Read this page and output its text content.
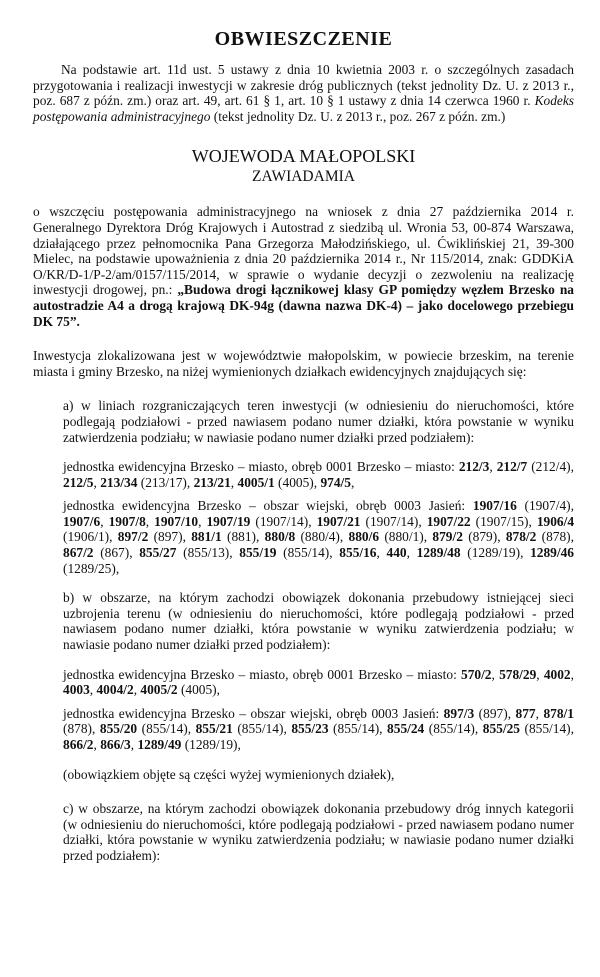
OBWIESZCZENIE

Na podstawie art. 11d ust. 5 ustawy z dnia 10 kwietnia 2003 r. o szczególnych zasadach przygotowania i realizacji inwestycji w zakresie dróg publicznych (tekst jednolity Dz. U. z 2013 r., poz. 687 z późn. zm.) oraz art. 49, art. 61 § 1, art. 10 § 1 ustawy z dnia 14 czerwca 1960 r. Kodeks postępowania administracyjnego (tekst jednolity Dz. U. z 2013 r., poz. 267 z późn. zm.)

WOJEWODA MAŁOPOLSKI
ZAWIADAMIA

o wszczęciu postępowania administracyjnego na wniosek z dnia 27 października 2014 r. Generalnego Dyrektora Dróg Krajowych i Autostrad z siedzibą ul. Wronia 53, 00-874 Warszawa, działającego przez pełnomocnika Pana Grzegorza Małodzińskiego, ul. Ćwiklińskiej 21, 39-300 Mielec, na podstawie upoważnienia z dnia 20 października 2014 r., Nr 115/2014, znak: GDDKiA O/KR/D-1/P-2/am/0157/115/2014, w sprawie o wydanie decyzji o zezwoleniu na realizację inwestycji drogowej, pn.: „Budowa drogi łącznikowej klasy GP pomiędzy węzłem Brzesko na autostradzie A4 a drogą krajową DK-94g (dawna nazwa DK-4) – jako docelowego przebiegu DK 75”.

Inwestycja zlokalizowana jest w województwie małopolskim, w powiecie brzeskim, na terenie miasta i gminy Brzesko, na niżej wymienionych działkach ewidencyjnych znajdujących się:

a) w liniach rozgraniczających teren inwestycji (w odniesieniu do nieruchomości, które podlegają podziałowi - przed nawiasem podano numer działki, która powstanie w wyniku zatwierdzenia podziału; w nawiasie podano numer działki przed podziałem):

jednostka ewidencyjna Brzesko – miasto, obręb 0001 Brzesko – miasto: 212/3, 212/7 (212/4), 212/5, 213/34 (213/17), 213/21, 4005/1 (4005), 974/5,

jednostka ewidencyjna Brzesko – obszar wiejski, obręb 0003 Jasień: 1907/16 (1907/4), 1907/6, 1907/8, 1907/10, 1907/19 (1907/14), 1907/21 (1907/14), 1907/22 (1907/15), 1906/4 (1906/1), 897/2 (897), 881/1 (881), 880/8 (880/4), 880/6 (880/1), 879/2 (879), 878/2 (878), 867/2 (867), 855/27 (855/13), 855/19 (855/14), 855/16, 440, 1289/48 (1289/19), 1289/46 (1289/25),

b) w obszarze, na którym zachodzi obowiązek dokonania przebudowy istniejącej sieci uzbrojenia terenu (w odniesieniu do nieruchomości, które podlegają podziałowi - przed nawiasem podano numer działki, która powstanie w wyniku zatwierdzenia podziału; w nawiasie podano numer działki przed podziałem):

jednostka ewidencyjna Brzesko – miasto, obręb 0001 Brzesko – miasto: 570/2, 578/29, 4002, 4003, 4004/2, 4005/2 (4005),

jednostka ewidencyjna Brzesko – obszar wiejski, obręb 0003 Jasień: 897/3 (897), 877, 878/1 (878), 855/20 (855/14), 855/21 (855/14), 855/23 (855/14), 855/24 (855/14), 855/25 (855/14), 866/2, 866/3, 1289/49 (1289/19),

(obowiązkiem objęte są części wyżej wymienionych działek),

c) w obszarze, na którym zachodzi obowiązek dokonania przebudowy dróg innych kategorii (w odniesieniu do nieruchomości, które podlegają podziałowi - przed nawiasem podano numer działki, która powstanie w wyniku zatwierdzenia podziału; w nawiasie podano numer działki przed podziałem):
